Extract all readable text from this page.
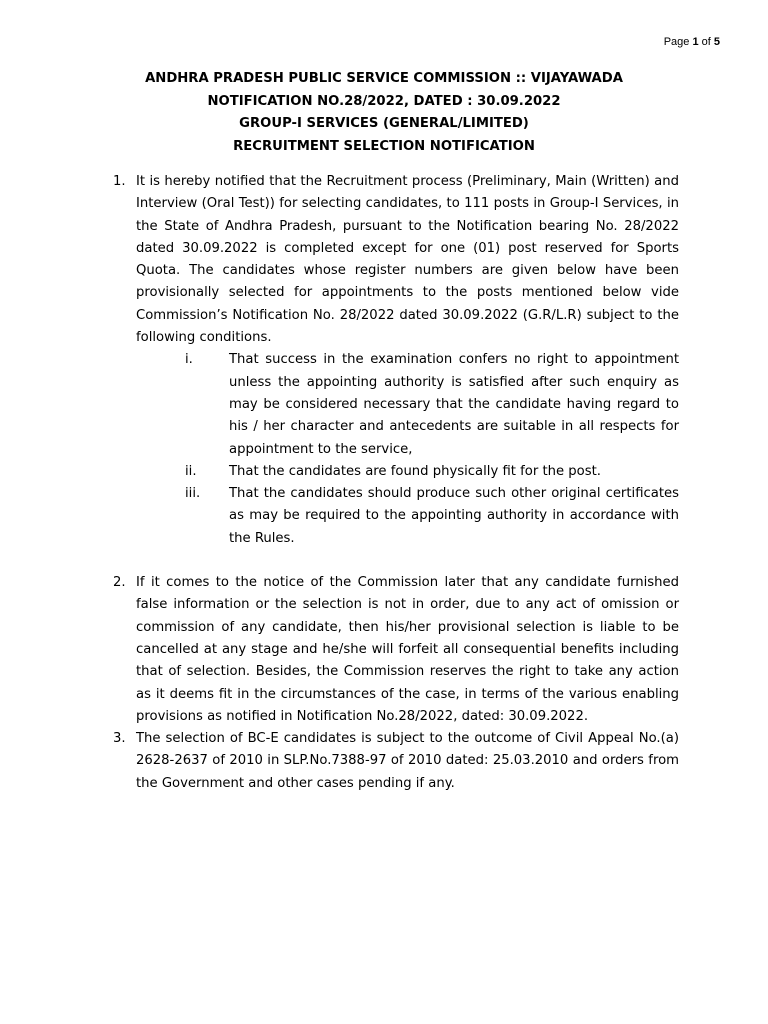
Page 1 of 5
ANDHRA PRADESH PUBLIC SERVICE COMMISSION :: VIJAYAWADA
NOTIFICATION NO.28/2022, DATED : 30.09.2022
GROUP-I SERVICES (GENERAL/LIMITED)
RECRUITMENT SELECTION NOTIFICATION
1. It is hereby notified that the Recruitment process (Preliminary, Main (Written) and Interview (Oral Test)) for selecting candidates, to 111 posts in Group-I Services, in the State of Andhra Pradesh, pursuant to the Notification bearing No. 28/2022 dated 30.09.2022 is completed except for one (01) post reserved for Sports Quota. The candidates whose register numbers are given below have been provisionally selected for appointments to the posts mentioned below vide Commission’s Notification No. 28/2022 dated 30.09.2022 (G.R/L.R) subject to the following conditions.
i.	That success in the examination confers no right to appointment unless the appointing authority is satisfied after such enquiry as may be considered necessary that the candidate having regard to his / her character and antecedents are suitable in all respects for appointment to the service,
ii. That the candidates are found physically fit for the post.
iii. That the candidates should produce such other original certificates as may be required to the appointing authority in accordance with the Rules.
2. If it comes to the notice of the Commission later that any candidate furnished false information or the selection is not in order, due to any act of omission or commission of any candidate, then his/her provisional selection is liable to be cancelled at any stage and he/she will forfeit all consequential benefits including that of selection. Besides, the Commission reserves the right to take any action as it deems fit in the circumstances of the case, in terms of the various enabling provisions as notified in Notification No.28/2022, dated: 30.09.2022.
3. The selection of BC-E candidates is subject to the outcome of Civil Appeal No.(a) 2628-2637 of 2010 in SLP.No.7388-97 of 2010 dated: 25.03.2010 and orders from the Government and other cases pending if any.
